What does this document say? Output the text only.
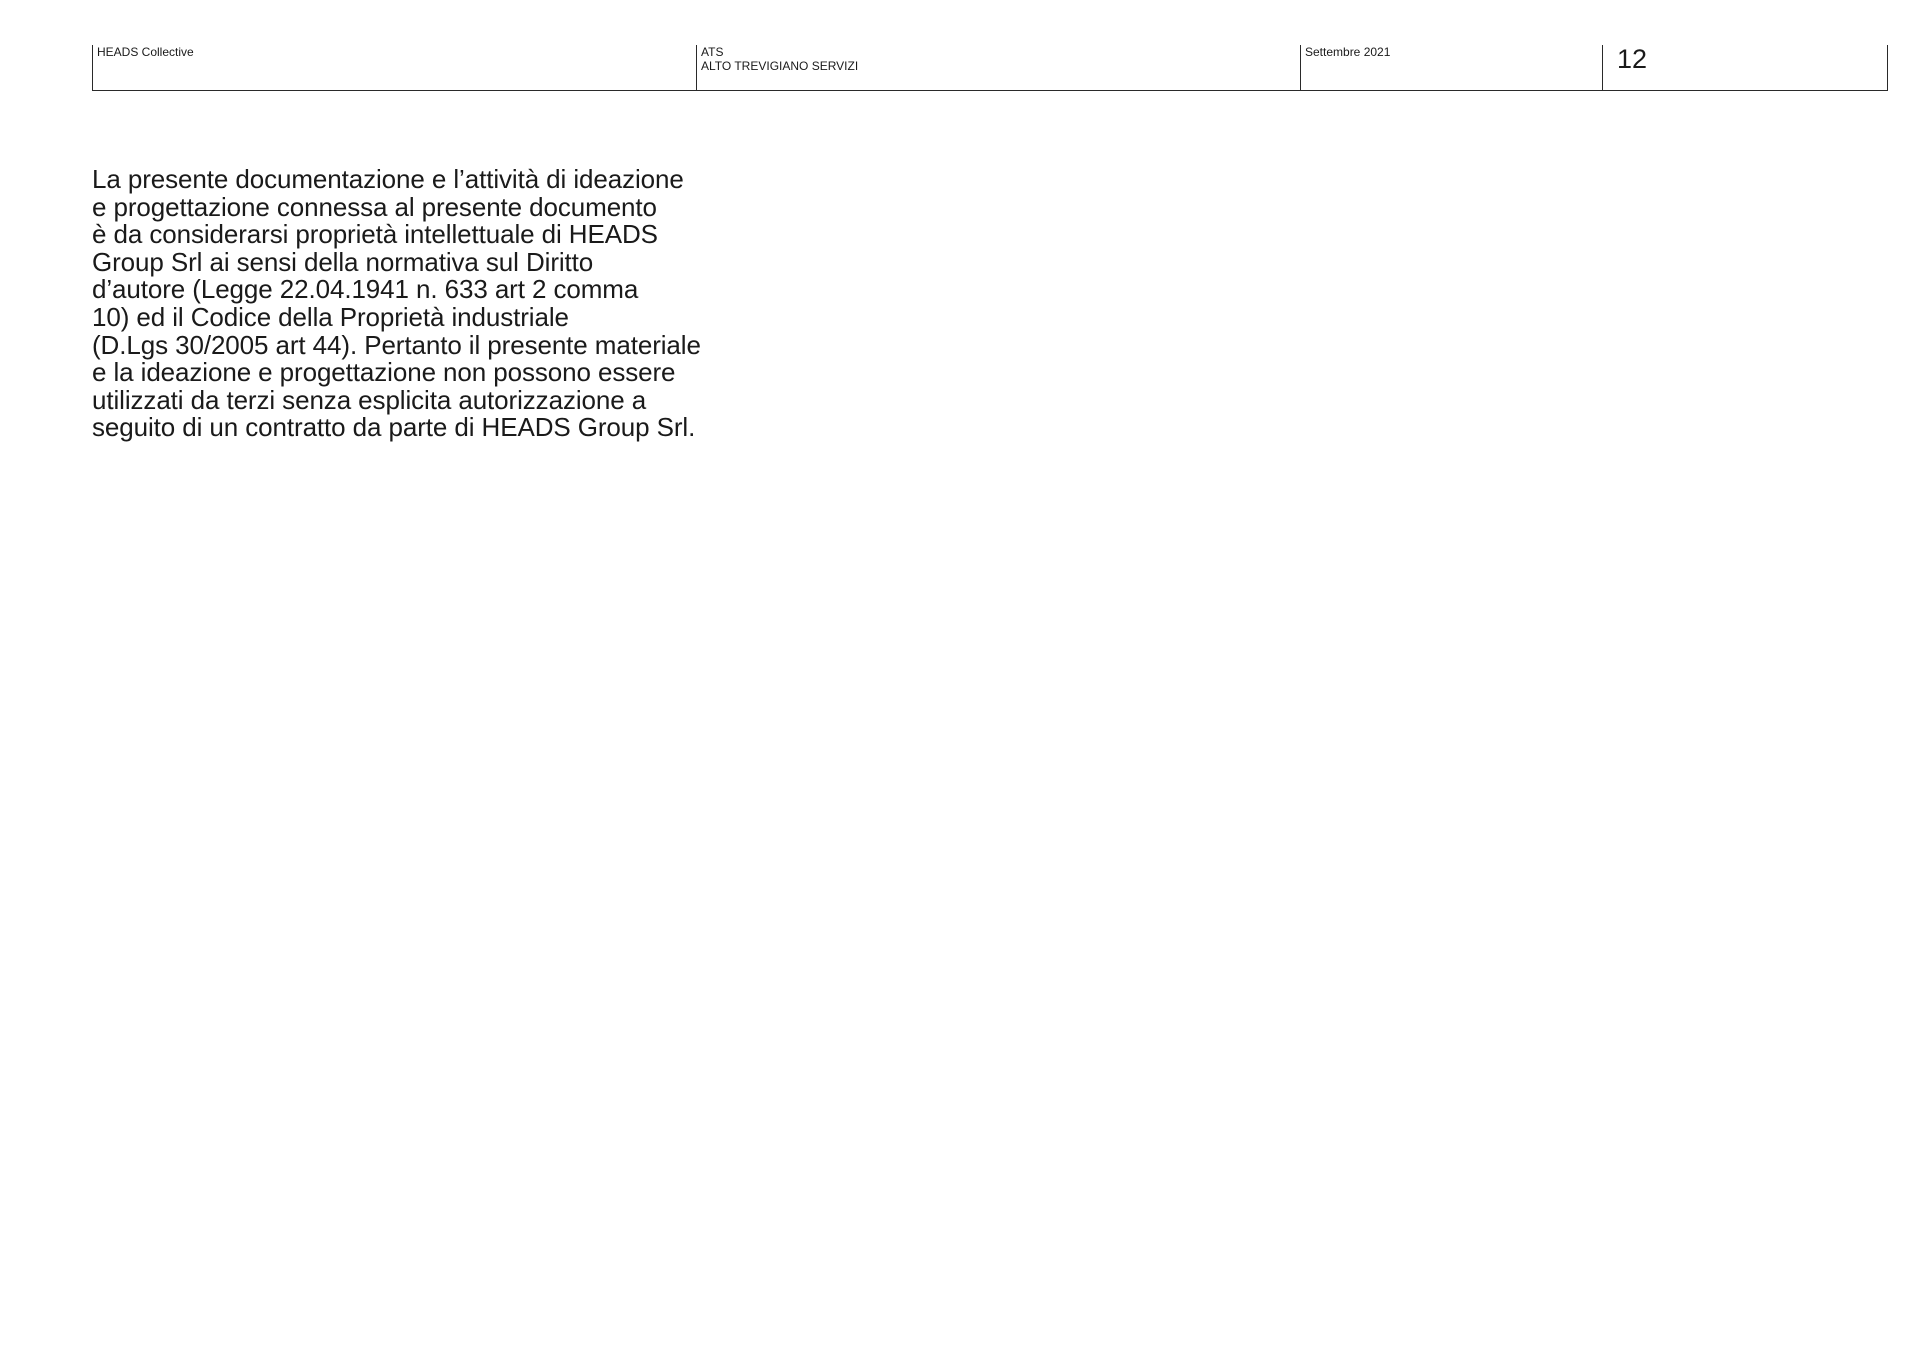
HEADS Collective	ATS
ALTO TREVIGIANO SERVIZI
Settembre 2021	12
La presente documentazione e l’attività di ideazione
e progettazione connessa al presente documento
è da considerarsi proprietà intellettuale di HEADS
Group Srl ai sensi della normativa sul Diritto
d’autore (Legge 22.04.1941 n. 633 art 2 comma
10) ed il Codice della Proprietà industriale
(D.Lgs 30/2005 art 44). Pertanto il presente materiale
e la ideazione e progettazione non possono essere
utilizzati da terzi senza esplicita autorizzazione a
seguito di un contratto da parte di HEADS Group Srl.
